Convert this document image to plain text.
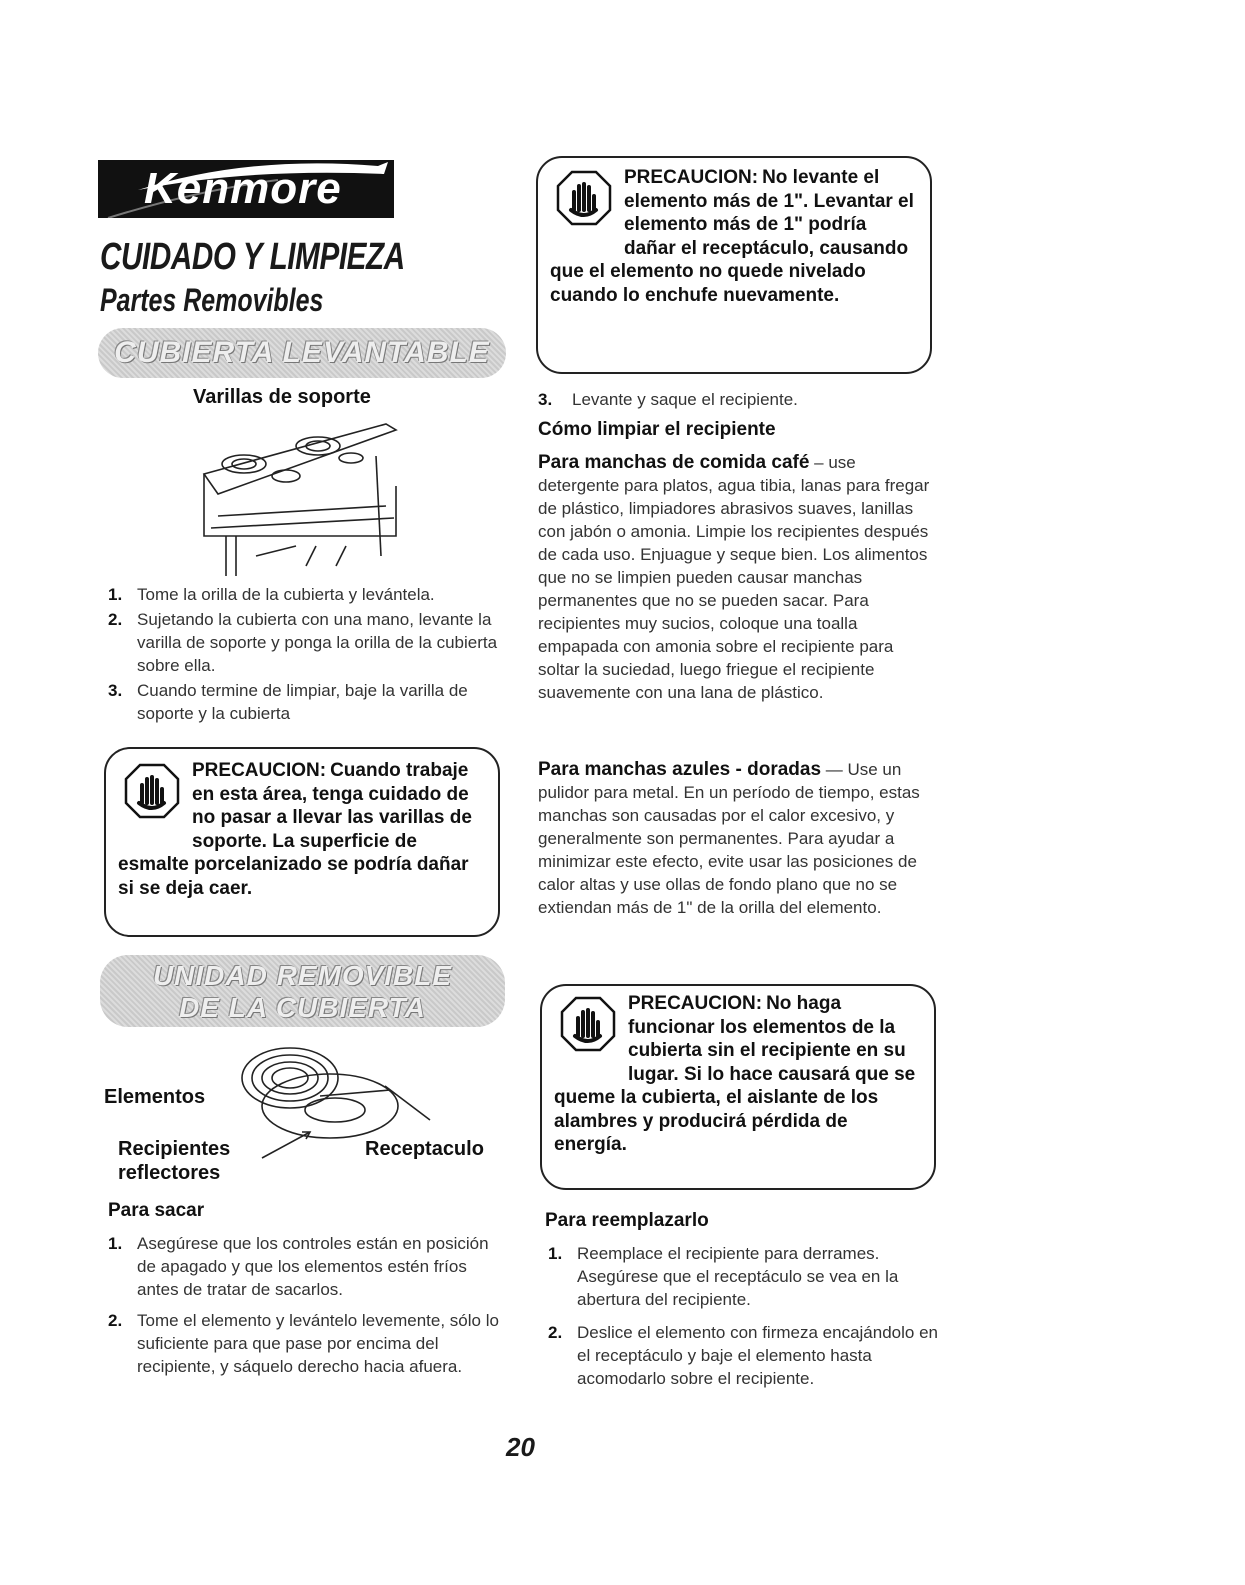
Kenmore
CUIDADO Y LIMPIEZA
Partes Removibles
CUBIERTA LEVANTABLE
Varillas de soporte
1. Tome la orilla de la cubierta y levántela.
2. Sujetando la cubierta con una mano, levante la varilla de soporte y ponga la orilla de la cubierta sobre ella.
3. Cuando termine de limpiar, baje la varilla de soporte y la cubierta
PRECAUCION: Cuando trabaje en esta área, tenga cuidado de no pasar a llevar las varillas de soporte. La superficie de esmalte porcelanizado se podría dañar si se deja caer.
UNIDAD REMOVIBLE
DE LA CUBIERTA
Elementos
Recipientes
reflectores
Receptaculo
Para sacar
1. Asegúrese que los controles están en posición de apagado y que los elementos estén fríos antes de tratar de sacarlos.
2. Tome el elemento y levántelo levemente, sólo lo suficiente para que pase por encima del recipiente, y sáquelo derecho hacia afuera.
PRECAUCION: No levante el elemento más de 1". Levantar el elemento más de 1" podría dañar el receptáculo, causando que el elemento no quede nivelado cuando lo enchufe nuevamente.
3. Levante y saque el recipiente.
Cómo limpiar el recipiente
Para manchas de comida café – use detergente para platos, agua tibia, lanas para fregar de plástico, limpiadores abrasivos suaves, lanillas con jabón o amonia. Limpie los recipientes después de cada uso. Enjuague y seque bien. Los alimentos que no se limpien pueden causar manchas permanentes que no se pueden sacar. Para recipientes muy sucios, coloque una toalla empapada con amonia sobre el recipiente para soltar la suciedad, luego friegue el recipiente suavemente con una lana de plástico.
Para manchas azules - doradas — Use un pulidor para metal. En un período de tiempo, estas manchas son causadas por el calor excesivo, y generalmente son permanentes. Para ayudar a minimizar este efecto, evite usar las posiciones de calor altas y use ollas de fondo plano que no se extiendan más de 1" de la orilla del elemento.
PRECAUCION: No haga funcionar los elementos de la cubierta sin el recipiente en su lugar. Si lo hace causará que se queme la cubierta, el aislante de los alambres y producirá pérdida de energía.
Para reemplazarlo
1. Reemplace el recipiente para derrames. Asegúrese que el receptáculo se vea en la abertura del recipiente.
2. Deslice el elemento con firmeza encajándolo en el receptáculo y baje el elemento hasta acomodarlo sobre el recipiente.
20
